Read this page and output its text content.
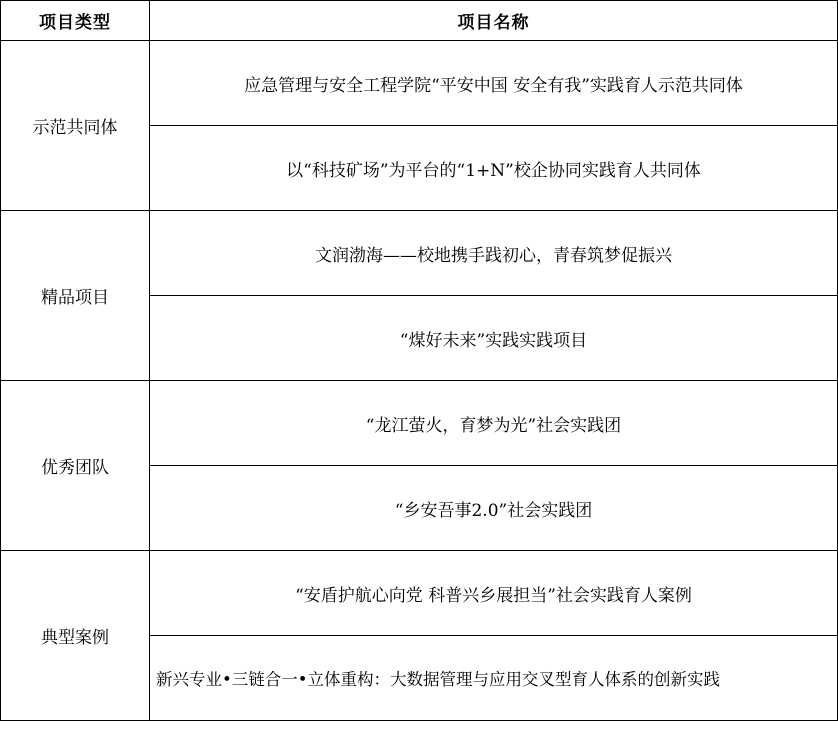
项目类型	项目名称
示范共同体	应急管理与安全工程学院“平安中国 安全有我”实践育人示范共同体
	以“科技矿场”为平台的“1+N”校企协同实践育人共同体
精品项目	文润渤海——校地携手践初心，青春筑梦促振兴
	“煤好未来”实践实践项目
优秀团队	“龙江萤火，育梦为光”社会实践团
	“乡安吾事2.0”社会实践团
典型案例	“安盾护航心向党 科普兴乡展担当”社会实践育人案例
	新兴专业•三链合一•立体重构：大数据管理与应用交叉型育人体系的创新实践
